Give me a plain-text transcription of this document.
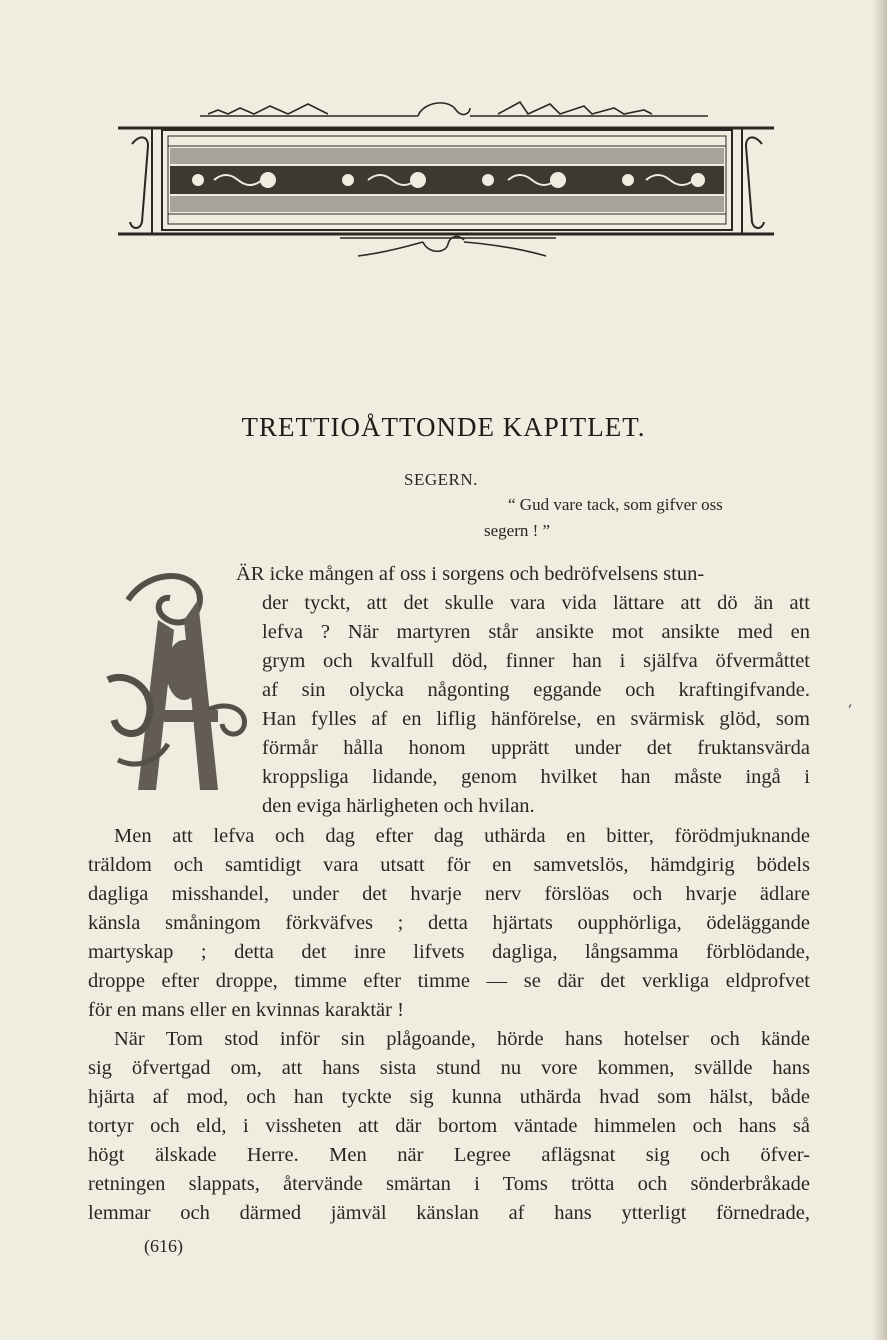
TRETTIOÅTTONDE KAPITLET.
SEGERN.
“ Gud vare tack, som gifver oss
segern ! ”
ÄR icke mången af oss i sorgens och bedröfvelsens stun-
der tyckt, att det skulle vara vida lättare att dö än att
lefva ? När martyren står ansikte mot ansikte med en
grym och kvalfull död, finner han i själfva öfvermåttet
af sin olycka någonting eggande och kraftingifvande.
Han fylles af en liflig hänförelse, en svärmisk glöd, som
förmår hålla honom upprätt under det fruktansvärda
kroppsliga lidande, genom hvilket han måste ingå i
den eviga härligheten och hvilan.
Men att lefva och dag efter dag uthärda en bitter, förödmjuknande
träldom och samtidigt vara utsatt för en samvetslös, hämdgirig bödels
dagliga misshandel, under det hvarje nerv förslöas och hvarje ädlare
känsla småningom förkväfves ; detta hjärtats oupphörliga, ödeläggande
martyskap ; detta det inre lifvets dagliga, långsamma förblödande,
droppe efter droppe, timme efter timme — se där det verkliga eldprofvet
för en mans eller en kvinnas karaktär !
När Tom stod inför sin plågoande, hörde hans hotelser och kände
sig öfvertgad om, att hans sista stund nu vore kommen, svällde hans
hjärta af mod, och han tyckte sig kunna uthärda hvad som hälst, både
tortyr och eld, i vissheten att där bortom väntade himmelen och hans så
högt älskade Herre. Men när Legree aflägsnat sig och öfver-
retningen slappats, återvände smärtan i Toms trötta och sönderbråkade
lemmar och därmed jämväl känslan af hans ytterligt förnedrade,
(616)
,
